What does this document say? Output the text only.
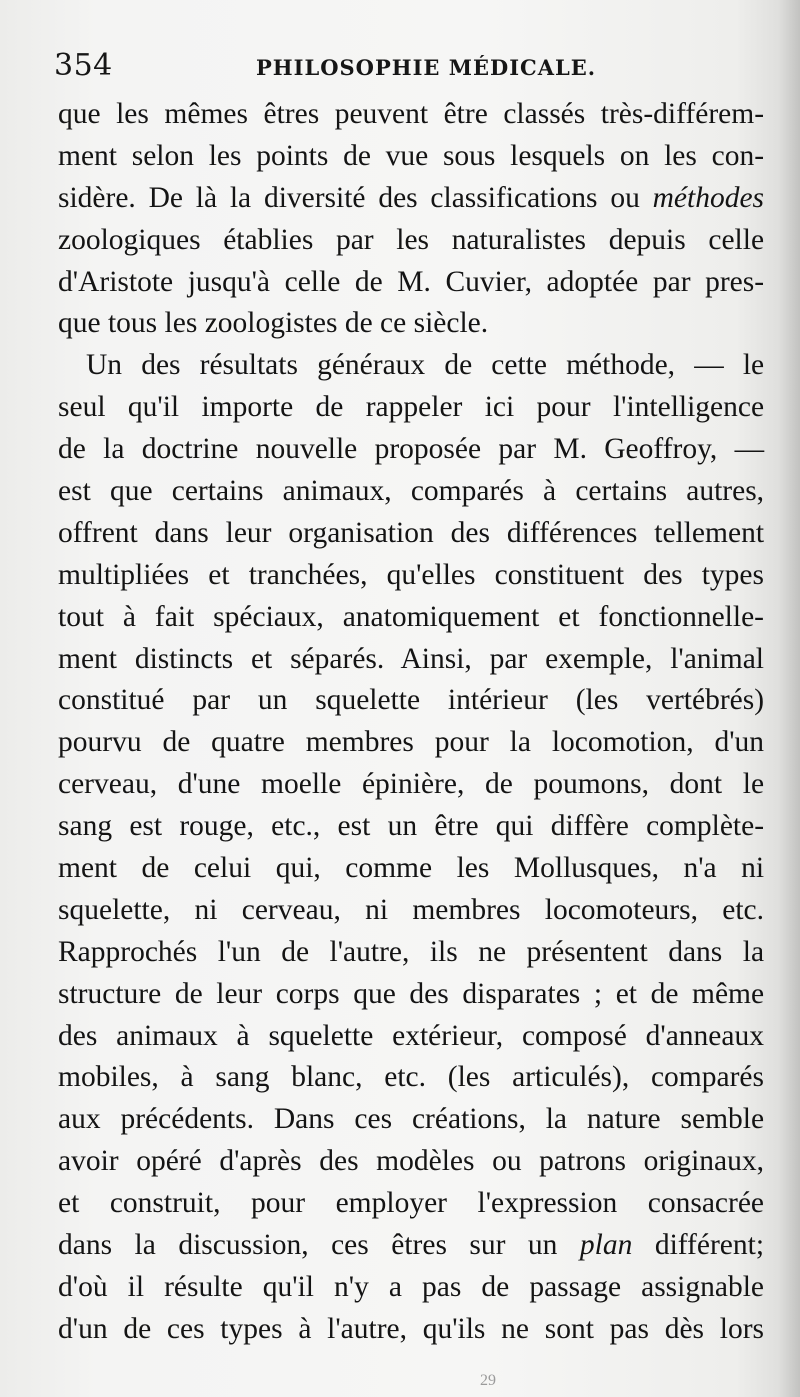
354	PHILOSOPHIE MÉDICALE.
que les mêmes êtres peuvent être classés très-différem-
ment selon les points de vue sous lesquels on les con-
sidère. De là la diversité des classifications ou méthodes
zoologiques établies par les naturalistes depuis celle
d'Aristote jusqu'à celle de M. Cuvier, adoptée par pres-
que tous les zoologistes de ce siècle.
Un des résultats généraux de cette méthode, — le
seul qu'il importe de rappeler ici pour l'intelligence
de la doctrine nouvelle proposée par M. Geoffroy, —
est que certains animaux, comparés à certains autres,
offrent dans leur organisation des différences tellement
multipliées et tranchées, qu'elles constituent des types
tout à fait spéciaux, anatomiquement et fonctionnelle-
ment distincts et séparés. Ainsi, par exemple, l'animal
constitué par un squelette intérieur (les vertébrés)
pourvu de quatre membres pour la locomotion, d'un
cerveau, d'une moelle épinière, de poumons, dont le
sang est rouge, etc., est un être qui diffère complète-
ment de celui qui, comme les Mollusques, n'a ni
squelette, ni cerveau, ni membres locomoteurs, etc.
Rapprochés l'un de l'autre, ils ne présentent dans la
structure de leur corps que des disparates ; et de même
des animaux à squelette extérieur, composé d'anneaux
mobiles, à sang blanc, etc. (les articulés), comparés
aux précédents. Dans ces créations, la nature semble
avoir opéré d'après des modèles ou patrons originaux,
et construit, pour employer l'expression consacrée
dans la discussion, ces êtres sur un plan différent;
d'où il résulte qu'il n'y a pas de passage assignable
d'un de ces types à l'autre, qu'ils ne sont pas dès lors
29
